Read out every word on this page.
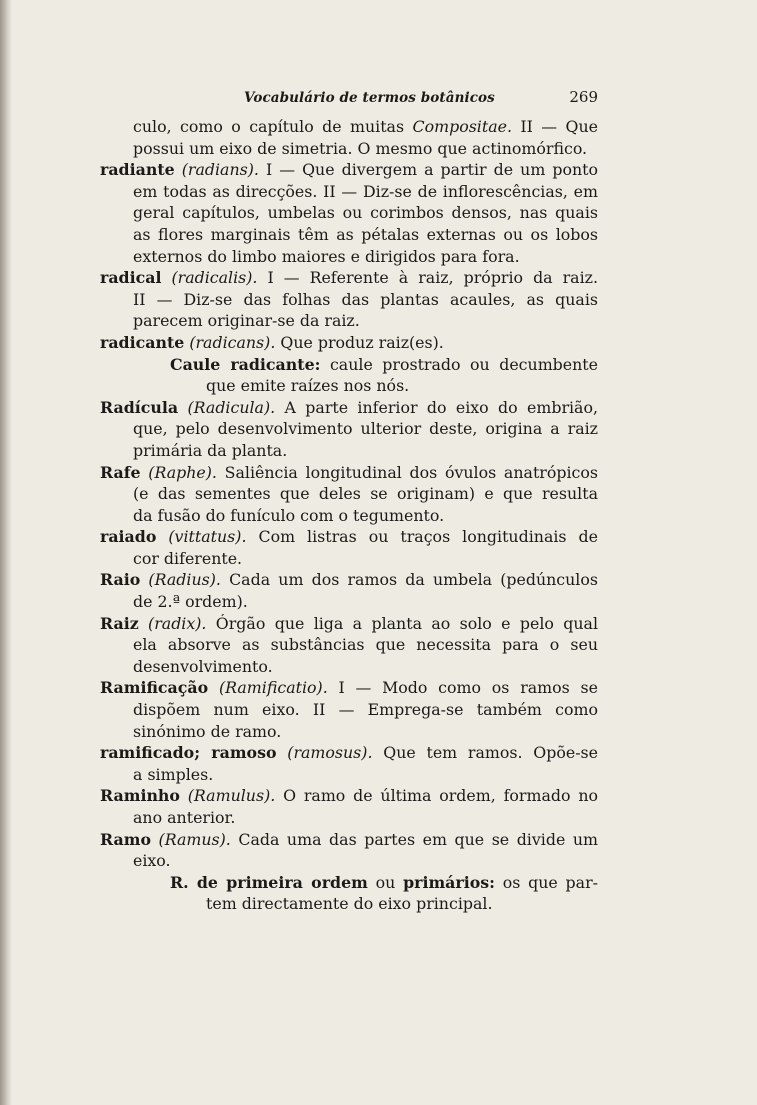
Vocabulário de termos botânicos	269
culo, como o capítulo de muitas Compositae. II — Que
possui um eixo de simetria. O mesmo que actinomórfico.
radiante (radians). I — Que divergem a partir de um ponto
em todas as direcções. II — Diz-se de inflorescências, em
geral capítulos, umbelas ou corimbos densos, nas quais
as flores marginais têm as pétalas externas ou os lobos
externos do limbo maiores e dirigidos para fora.
radical (radicalis). I — Referente à raiz, próprio da raiz.
II — Diz-se das folhas das plantas acaules, as quais
parecem originar-se da raiz.
radicante (radicans). Que produz raiz(es).
Caule radicante: caule prostrado ou decumbente
que emite raízes nos nós.
Radícula (Radicula). A parte inferior do eixo do embrião,
que, pelo desenvolvimento ulterior deste, origina a raiz
primária da planta.
Rafe (Raphe). Saliência longitudinal dos óvulos anatrópicos
(e das sementes que deles se originam) e que resulta
da fusão do funículo com o tegumento.
raiado (vittatus). Com listras ou traços longitudinais de
cor diferente.
Raio (Radius). Cada um dos ramos da umbela (pedúnculos
de 2.ª ordem).
Raiz (radix). Órgão que liga a planta ao solo e pelo qual
ela absorve as substâncias que necessita para o seu
desenvolvimento.
Ramificação (Ramificatio). I — Modo como os ramos se
dispõem num eixo. II — Emprega-se também como
sinónimo de ramo.
ramificado; ramoso (ramosus). Que tem ramos. Opõe-se
a simples.
Raminho (Ramulus). O ramo de última ordem, formado no
ano anterior.
Ramo (Ramus). Cada uma das partes em que se divide um
eixo.
R. de primeira ordem ou primários: os que par-
tem directamente do eixo principal.
